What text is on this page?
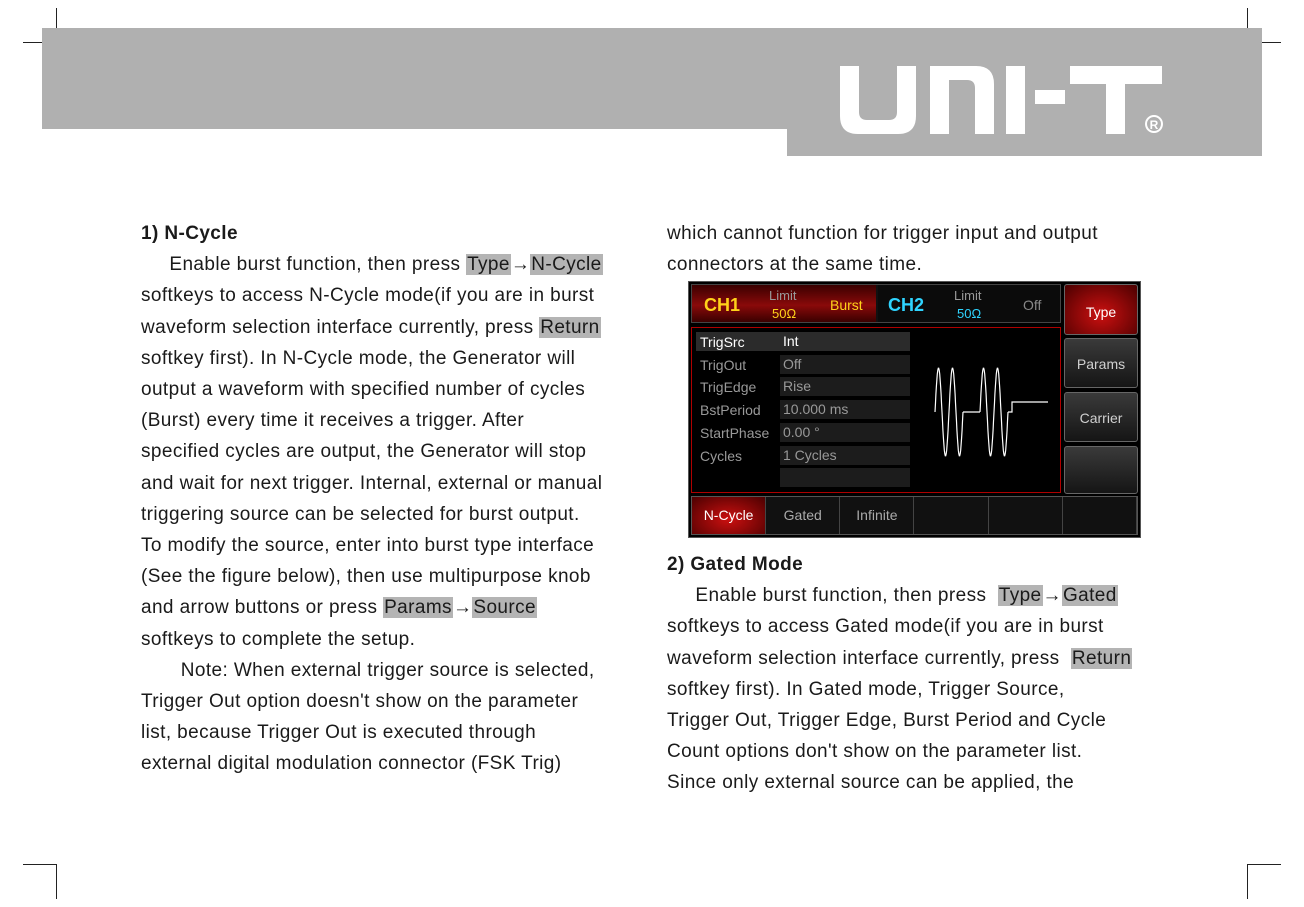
R
UNI-T
1) N-Cycle
Enable burst function, then press Type→N-Cycle
softkeys to access N-Cycle mode(if you are in burst
waveform selection interface currently, press Return
softkey first). In N-Cycle mode, the Generator will
output a waveform with specified number of cycles
(Burst) every time it receives a trigger. After
specified cycles are output, the Generator will stop
and wait for next trigger. Internal, external or manual
triggering source can be selected for burst output.
To modify the source, enter into burst type interface
(See the figure below), then use multipurpose knob
and arrow buttons or press Params→Source
softkeys to complete the setup.
Note: When external trigger source is selected,
Trigger Out option doesn't show on the parameter
list, because Trigger Out is executed through
external digital modulation connector (FSK Trig)
which cannot function for trigger input and output
connectors at the same time.
2) Gated Mode
Enable burst function, then press  Type→Gated
softkeys to access Gated mode(if you are in burst
waveform selection interface currently, press  Return
softkey first). In Gated mode, Trigger Source,
Trigger Out, Trigger Edge, Burst Period and Cycle
Count options don't show on the parameter list.
Since only external source can be applied, the
CH1 Limit
50Ω
Burst CH2 Limit
50Ω
Off
TrigSrc	Int
TrigOut	Off
TrigEdge Rise
BstPeriod 10.000 ms
StartPhase 0.00 °
Cycles	1 Cycles
Type
Params
Carrier
N-Cycle	Gated	Infinite
